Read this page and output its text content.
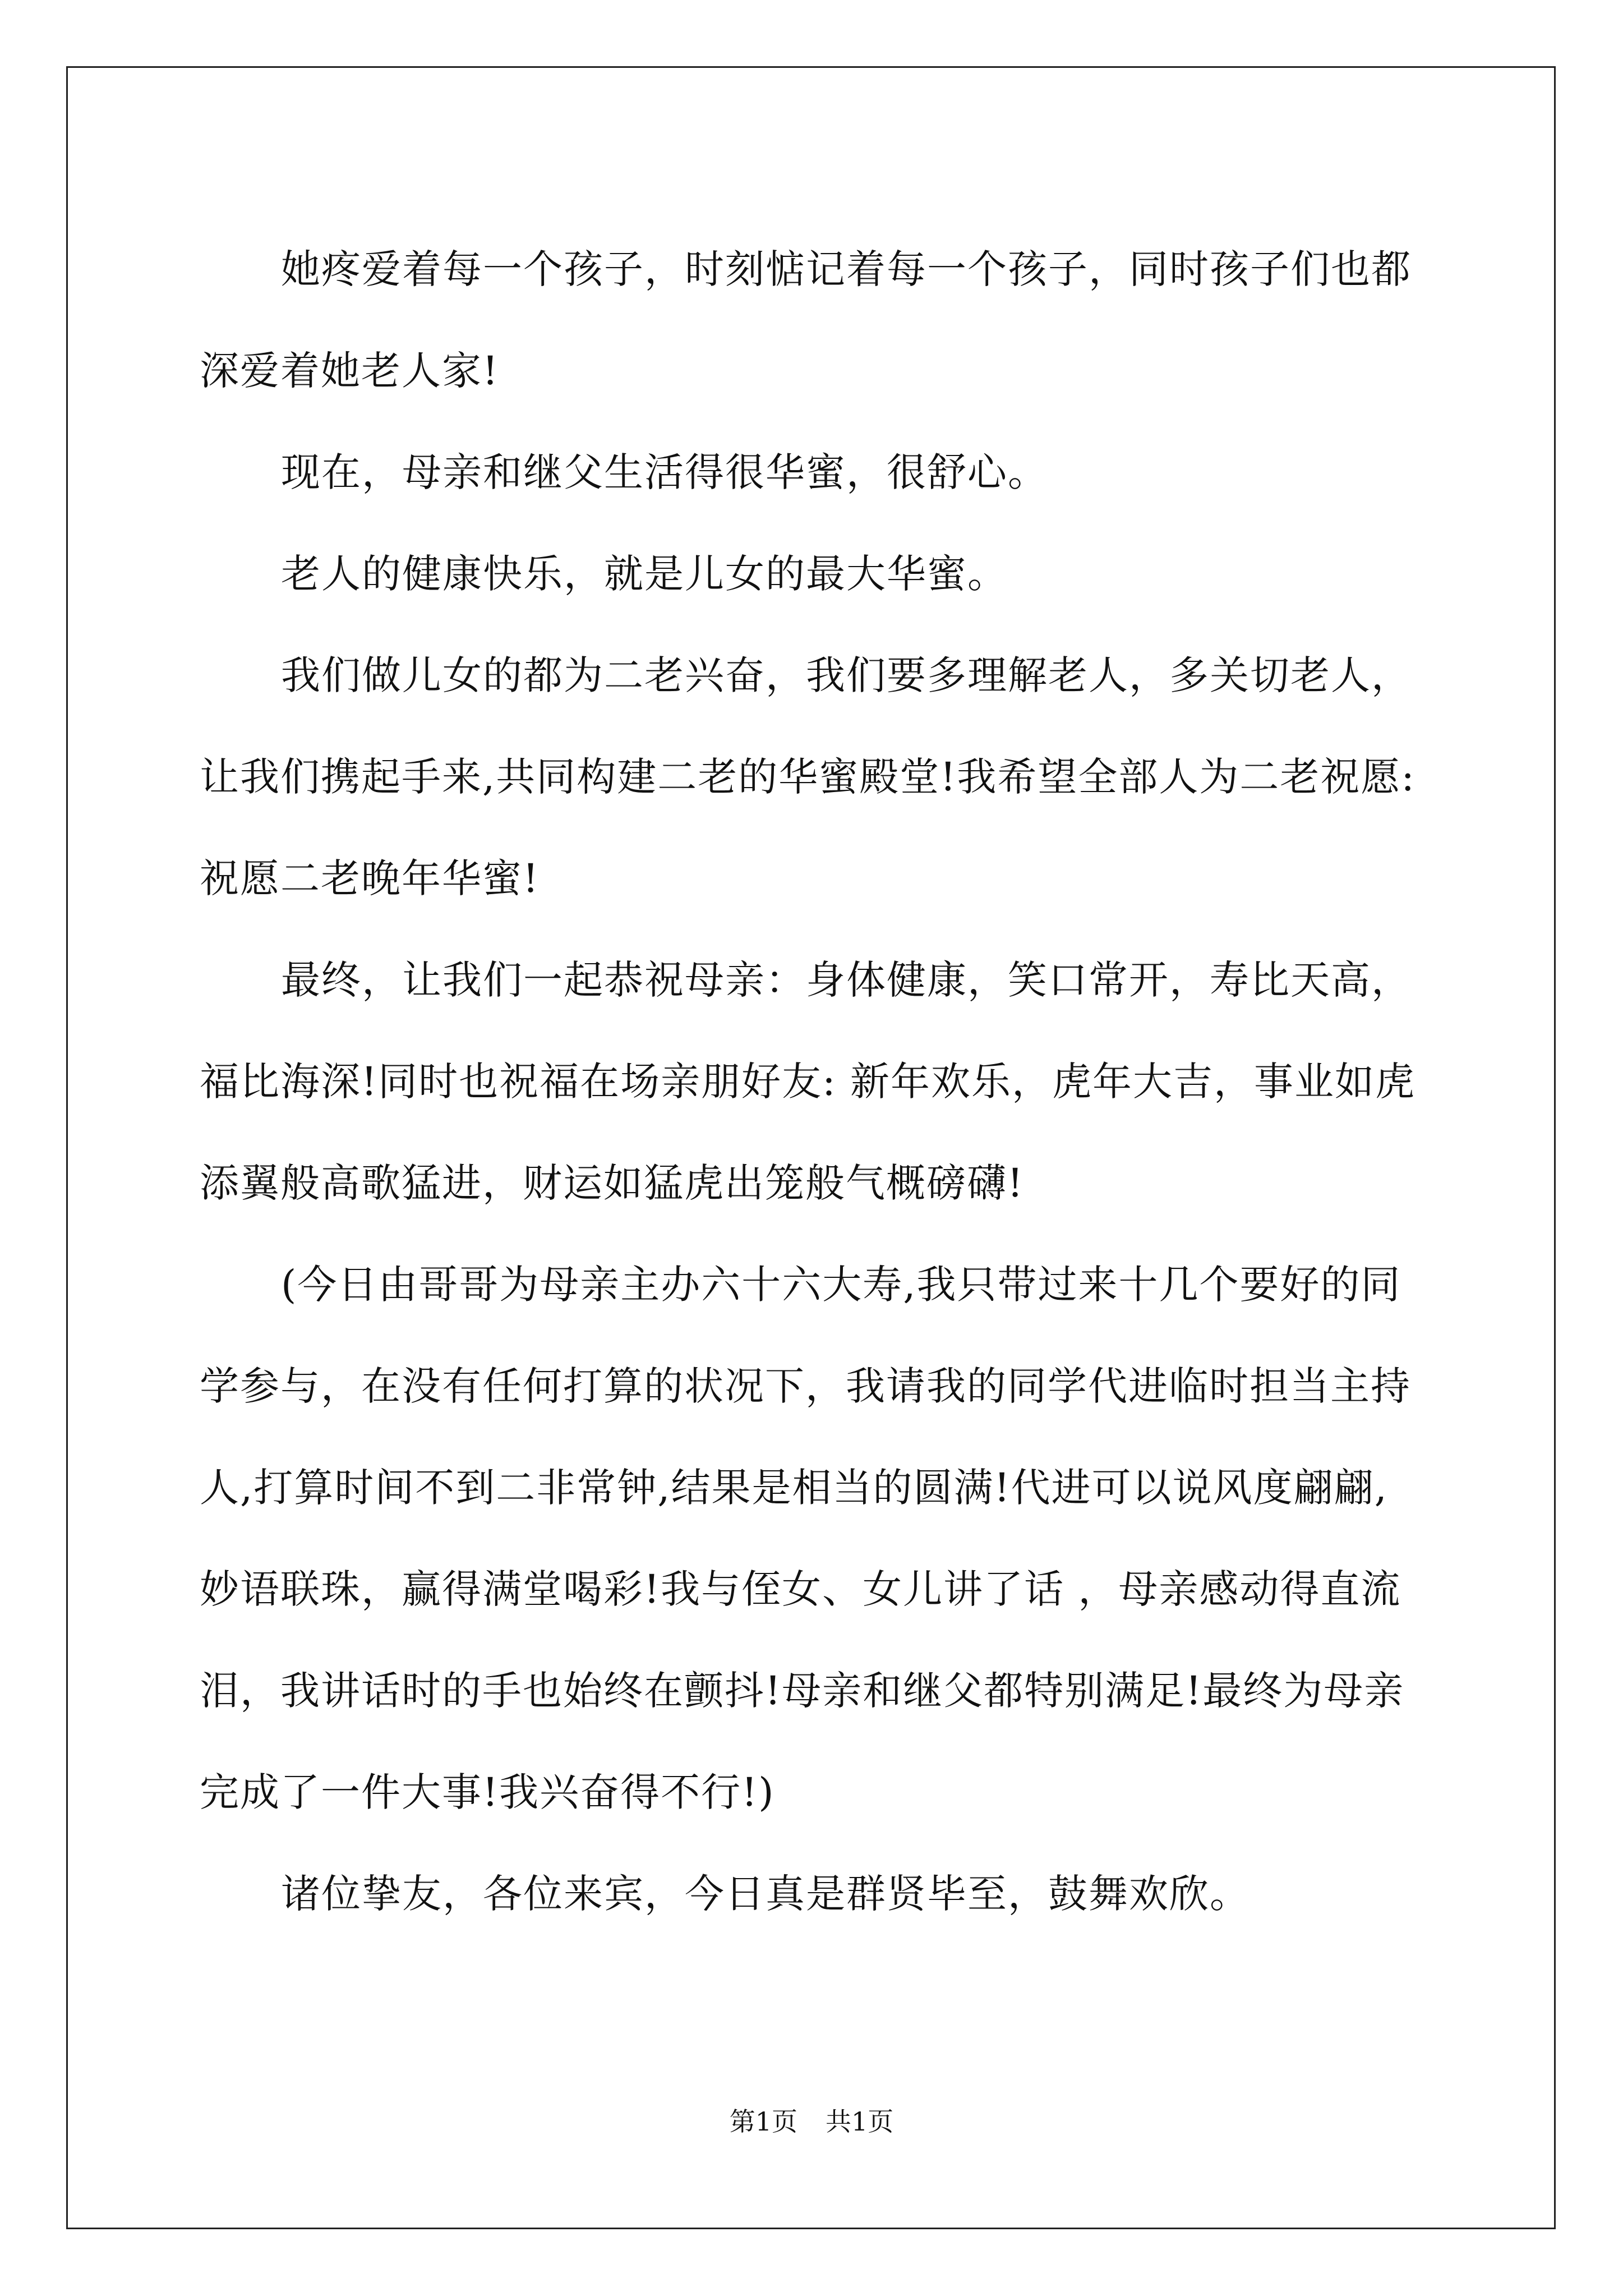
她疼爱着每一个孩子，时刻惦记着每一个孩子，同时孩子们也都
深爱着她老人家!
现在，母亲和继父生活得很华蜜，很舒心。
老人的健康快乐，就是儿女的最大华蜜。
我们做儿女的都为二老兴奋，我们要多理解老人，多关切老人，
让我们携起手来,共同构建二老的华蜜殿堂!我希望全部人为二老祝愿:
祝愿二老晚年华蜜!
最终，让我们一起恭祝母亲：身体健康，笑口常开，寿比天高，
福比海深!同时也祝福在场亲朋好友: 新年欢乐，虎年大吉，事业如虎
添翼般高歌猛进，财运如猛虎出笼般气概磅礴!
(今日由哥哥为母亲主办六十六大寿,我只带过来十几个要好的同
学参与，在没有任何打算的状况下，我请我的同学代进临时担当主持
人,打算时间不到二非常钟,结果是相当的圆满!代进可以说风度翩翩,
妙语联珠，赢得满堂喝彩!我与侄女、女儿讲了话 ，母亲感动得直流
泪，我讲话时的手也始终在颤抖!母亲和继父都特别满足!最终为母亲
完成了一件大事!我兴奋得不行!)
诸位挚友，各位来宾，今日真是群贤毕至，鼓舞欢欣。
第1页 共1页
